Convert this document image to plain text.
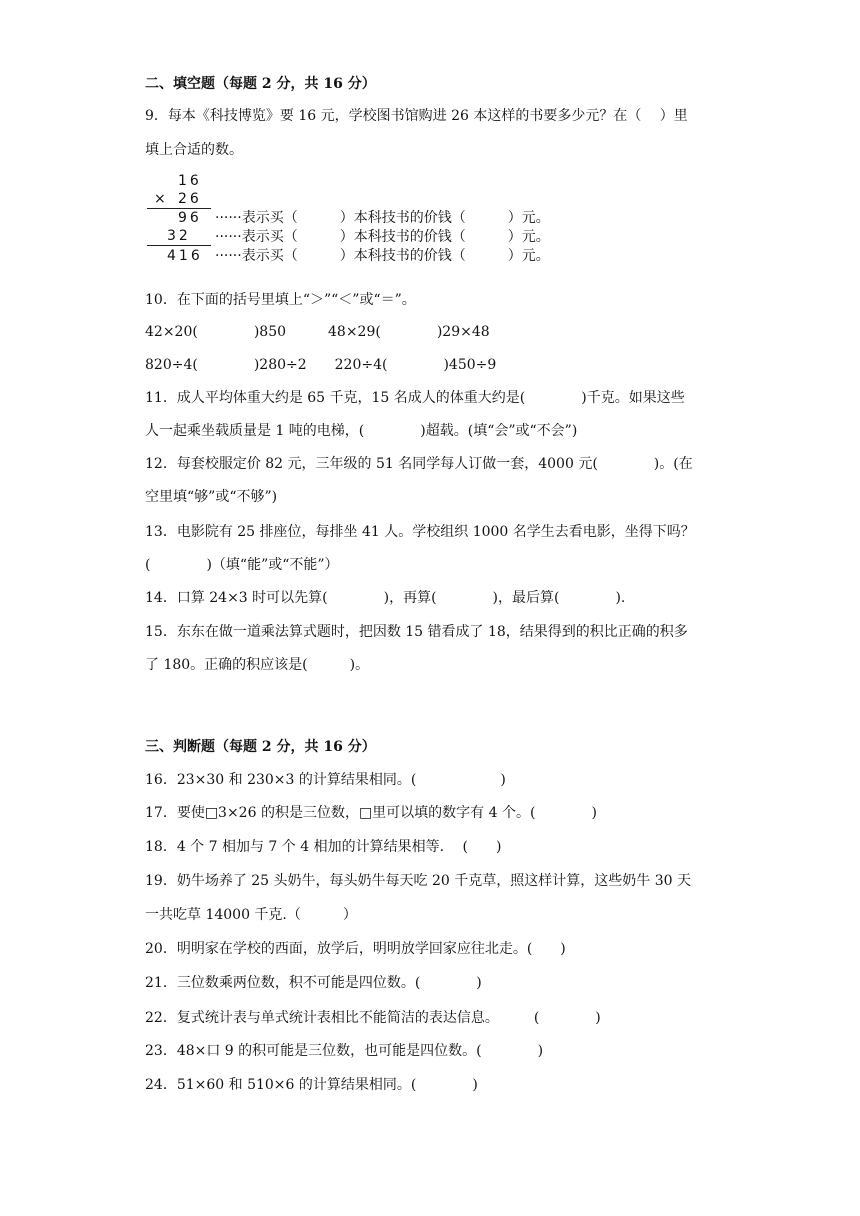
二、填空题（每题 2 分，共 16 分）
9．每本《科技博览》要 16 元，学校图书馆购进 26 本这样的书要多少元？在（　 ）里
填上合适的数。
16
× 26
96 ······表示买（　　　）本科技书的价钱（　　　）元。
32 ······表示买（　　　）本科技书的价钱（　　　）元。
416 ······表示买（　　　）本科技书的价钱（　　　）元。
10．在下面的括号里填上“＞”“＜”或“＝”。
42×20(　　　　)850　　　48×29(　　　　)29×48
820÷4(　　　　)280÷2　　220÷4(　　　　)450÷9
11．成人平均体重大约是 65 千克，15 名成人的体重大约是(　　　　)千克。如果这些
人一起乘坐载质量是 1 吨的电梯，(　　　　)超载。(填“会”或“不会”)
12．每套校服定价 82 元，三年级的 51 名同学每人订做一套，4000 元(　　　　)。(在
空里填“够”或“不够”)
13．电影院有 25 排座位，每排坐 41 人。学校组织 1000 名学生去看电影，坐得下吗？
(　　　　)（填“能”或“不能”）
14．口算 24×3 时可以先算(　　　　)，再算(　　　　)，最后算(　　　　).
15．东东在做一道乘法算式题时，把因数 15 错看成了 18，结果得到的积比正确的积多
了 180。正确的积应该是(　　　)。
三、判断题（每题 2 分，共 16 分）
16．23×30 和 230×3 的计算结果相同。(　　　　　　)
17．要使□3×26 的积是三位数，□里可以填的数字有 4 个。(　　　　)
18．4 个 7 相加与 7 个 4 相加的计算结果相等.　 (　　)
19．奶牛场养了 25 头奶牛，每头奶牛每天吃 20 千克草，照这样计算，这些奶牛 30 天
一共吃草 14000 千克.（　　　）
20．明明家在学校的西面，放学后，明明放学回家应往北走。(　　)
21．三位数乘两位数，积不可能是四位数。(　　　　)
22．复式统计表与单式统计表相比不能简洁的表达信息。　　　(　　　　)
23．48×口 9 的积可能是三位数，也可能是四位数。(　　　　)
24．51×60 和 510×6 的计算结果相同。(　　　　)
